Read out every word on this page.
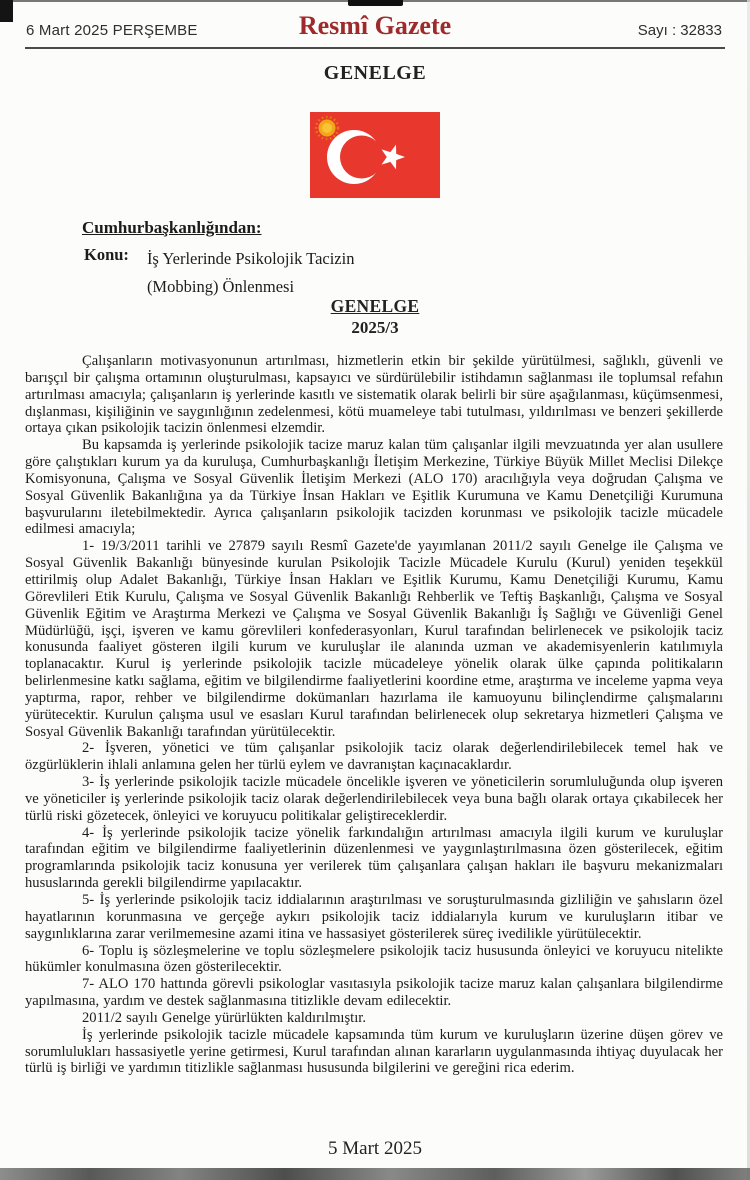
6 Mart 2025 PERŞEMBE	Resmî Gazete	Sayı : 32833
GENELGE
Cumhurbaşkanlığından:
Konu: İş Yerlerinde Psikolojik Tacizin
(Mobbing) Önlenmesi
GENELGE
2025/3

Çalışanların motivasyonunun artırılması, hizmetlerin etkin bir şekilde yürütülmesi, sağlıklı, güvenli ve barışçıl bir çalışma ortamının oluşturulması, kapsayıcı ve sürdürülebilir istihdamın sağlanması ile toplumsal refahın artırılması amacıyla; çalışanların iş yerlerinde kasıtlı ve sistematik olarak belirli bir süre aşağılanması, küçümsenmesi, dışlanması, kişiliğinin ve saygınlığının zedelenmesi, kötü muameleye tabi tutulması, yıldırılması ve benzeri şekillerde ortaya çıkan psikolojik tacizin önlenmesi elzemdir.

Bu kapsamda iş yerlerinde psikolojik tacize maruz kalan tüm çalışanlar ilgili mevzuatında yer alan usullere göre çalıştıkları kurum ya da kuruluşa, Cumhurbaşkanlığı İletişim Merkezine, Türkiye Büyük Millet Meclisi Dilekçe Komisyonuna, Çalışma ve Sosyal Güvenlik İletişim Merkezi (ALO 170) aracılığıyla veya doğrudan Çalışma ve Sosyal Güvenlik Bakanlığına ya da Türkiye İnsan Hakları ve Eşitlik Kurumuna ve Kamu Denetçiliği Kurumuna başvurularını iletebilmektedir. Ayrıca çalışanların psikolojik tacizden korunması ve psikolojik tacizle mücadele edilmesi amacıyla;

1- 19/3/2011 tarihli ve 27879 sayılı Resmî Gazete'de yayımlanan 2011/2 sayılı Genelge ile Çalışma ve Sosyal Güvenlik Bakanlığı bünyesinde kurulan Psikolojik Tacizle Mücadele Kurulu (Kurul) yeniden teşekkül ettirilmiş olup Adalet Bakanlığı, Türkiye İnsan Hakları ve Eşitlik Kurumu, Kamu Denetçiliği Kurumu, Kamu Görevlileri Etik Kurulu, Çalışma ve Sosyal Güvenlik Bakanlığı Rehberlik ve Teftiş Başkanlığı, Çalışma ve Sosyal Güvenlik Eğitim ve Araştırma Merkezi ve Çalışma ve Sosyal Güvenlik Bakanlığı İş Sağlığı ve Güvenliği Genel Müdürlüğü, işçi, işveren ve kamu görevlileri konfederasyonları, Kurul tarafından belirlenecek ve psikolojik taciz konusunda faaliyet gösteren ilgili kurum ve kuruluşlar ile alanında uzman ve akademisyenlerin katılımıyla toplanacaktır. Kurul iş yerlerinde psikolojik tacizle mücadeleye yönelik olarak ülke çapında politikaların belirlenmesine katkı sağlama, eğitim ve bilgilendirme faaliyetlerini koordine etme, araştırma ve inceleme yapma veya yaptırma, rapor, rehber ve bilgilendirme dokümanları hazırlama ile kamuoyunu bilinçlendirme çalışmalarını yürütecektir. Kurulun çalışma usul ve esasları Kurul tarafından belirlenecek olup sekretarya hizmetleri Çalışma ve Sosyal Güvenlik Bakanlığı tarafından yürütülecektir.

2- İşveren, yönetici ve tüm çalışanlar psikolojik taciz olarak değerlendirilebilecek temel hak ve özgürlüklerin ihlali anlamına gelen her türlü eylem ve davranıştan kaçınacaklardır.

3- İş yerlerinde psikolojik tacizle mücadele öncelikle işveren ve yöneticilerin sorumluluğunda olup işveren ve yöneticiler iş yerlerinde psikolojik taciz olarak değerlendirilebilecek veya buna bağlı olarak ortaya çıkabilecek her türlü riski gözetecek, önleyici ve koruyucu politikalar geliştireceklerdir.

4- İş yerlerinde psikolojik tacize yönelik farkındalığın artırılması amacıyla ilgili kurum ve kuruluşlar tarafından eğitim ve bilgilendirme faaliyetlerinin düzenlenmesi ve yaygınlaştırılmasına özen gösterilecek, eğitim programlarında psikolojik taciz konusuna yer verilerek tüm çalışanlara çalışan hakları ile başvuru mekanizmaları hususlarında gerekli bilgilendirme yapılacaktır.

5- İş yerlerinde psikolojik taciz iddialarının araştırılması ve soruşturulmasında gizliliğin ve şahısların özel hayatlarının korunmasına ve gerçeğe aykırı psikolojik taciz iddialarıyla kurum ve kuruluşların itibar ve saygınlıklarına zarar verilmemesine azami itina ve hassasiyet gösterilerek süreç ivedilikle yürütülecektir.

6- Toplu iş sözleşmelerine ve toplu sözleşmelere psikolojik taciz hususunda önleyici ve koruyucu nitelikte hükümler konulmasına özen gösterilecektir.

7- ALO 170 hattında görevli psikologlar vasıtasıyla psikolojik tacize maruz kalan çalışanlara bilgilendirme yapılmasına, yardım ve destek sağlanmasına titizlikle devam edilecektir.

2011/2 sayılı Genelge yürürlükten kaldırılmıştır.

İş yerlerinde psikolojik tacizle mücadele kapsamında tüm kurum ve kuruluşların üzerine düşen görev ve sorumlulukları hassasiyetle yerine getirmesi, Kurul tarafından alınan kararların uygulanmasında ihtiyaç duyulacak her türlü iş birliği ve yardımın titizlikle sağlanması hususunda bilgilerini ve gereğini rica ederim.

5 Mart 2025
